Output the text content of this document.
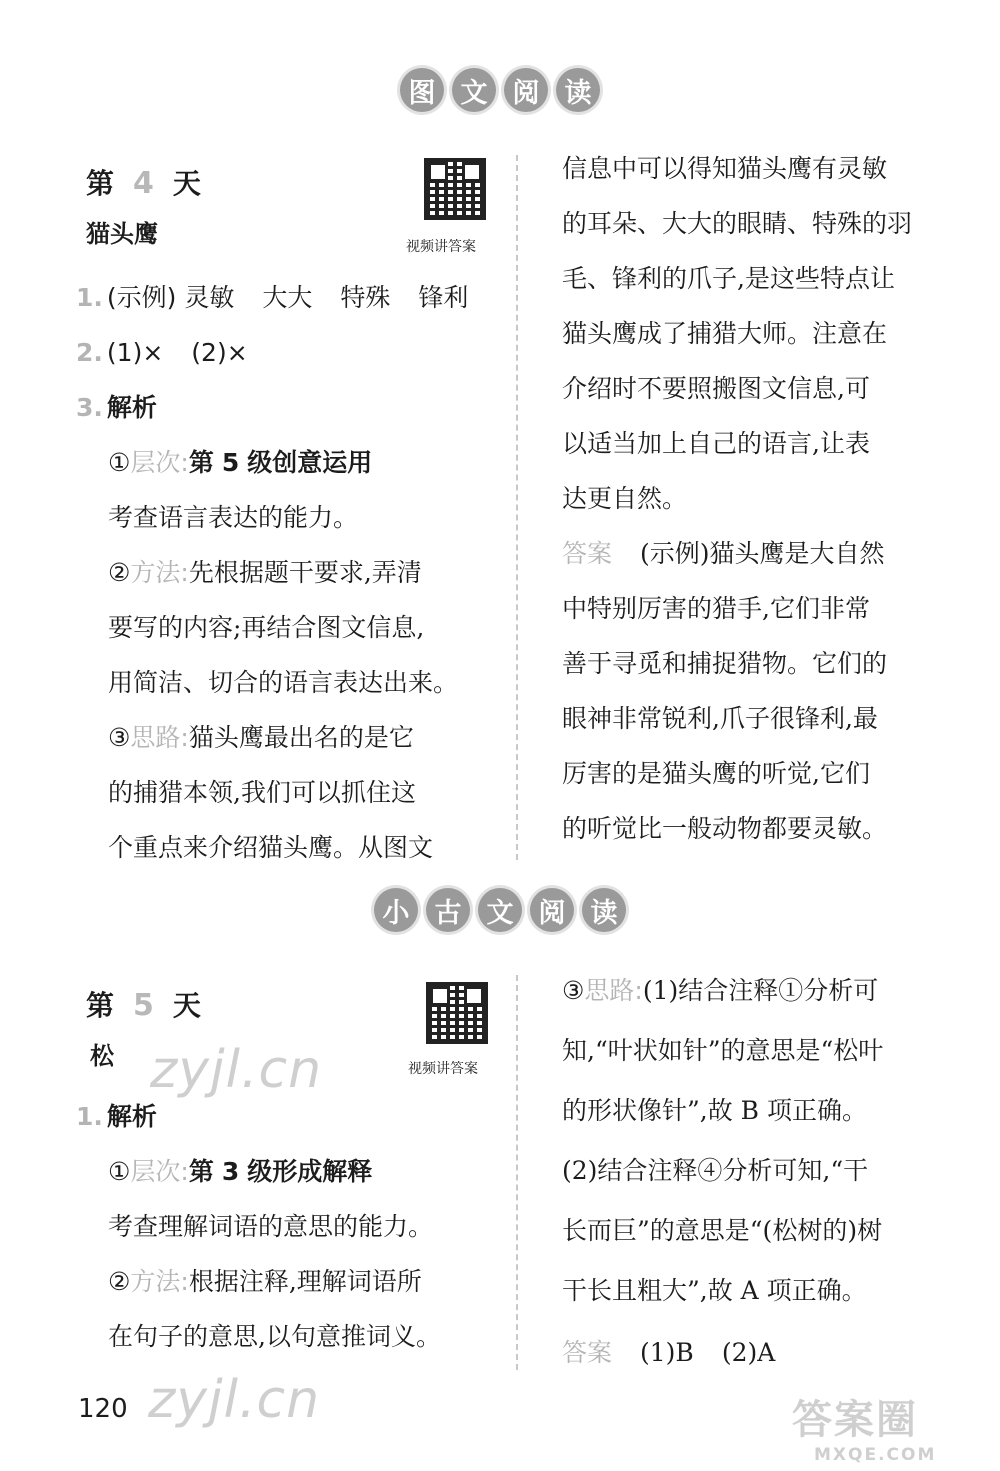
图 文 阅 读
第 4 天
猫头鹰	视频讲答案
1. (示例) 灵敏 大大 特殊 锋利
2. (1)× (2)×
3. 解析
①层次:第 5 级创意运用
考查语言表达的能力。
②方法:先根据题干要求,弄清
要写的内容;再结合图文信息,
用简洁、切合的语言表达出来。
③思路:猫头鹰最出名的是它
的捕猎本领,我们可以抓住这
个重点来介绍猫头鹰。从图文
信息中可以得知猫头鹰有灵敏
的耳朵、大大的眼睛、特殊的羽
毛、锋利的爪子,是这些特点让
猫头鹰成了捕猎大师。注意在
介绍时不要照搬图文信息,可
以适当加上自己的语言,让表
达更自然。
答案 (示例)猫头鹰是大自然
中特别厉害的猎手,它们非常
善于寻觅和捕捉猎物。它们的
眼神非常锐利,爪子很锋利,最
厉害的是猫头鹰的听觉,它们
的听觉比一般动物都要灵敏。
小 古 文 阅 读
第 5 天
松	视频讲答案
1. 解析
①层次:第 3 级形成解释
考查理解词语的意思的能力。
②方法:根据注释,理解词语所
在句子的意思,以句意推词义。
③思路:(1)结合注释①分析可
知,“叶状如针”的意思是“松叶
的形状像针”,故 B 项正确。
(2)结合注释④分析可知,“干
长而巨”的意思是“(松树的)树
干长且粗大”,故 A 项正确。
答案 (1)B (2)A
zyjl.cn
zyjl.cn
120	答案圈
MXQE.COM
